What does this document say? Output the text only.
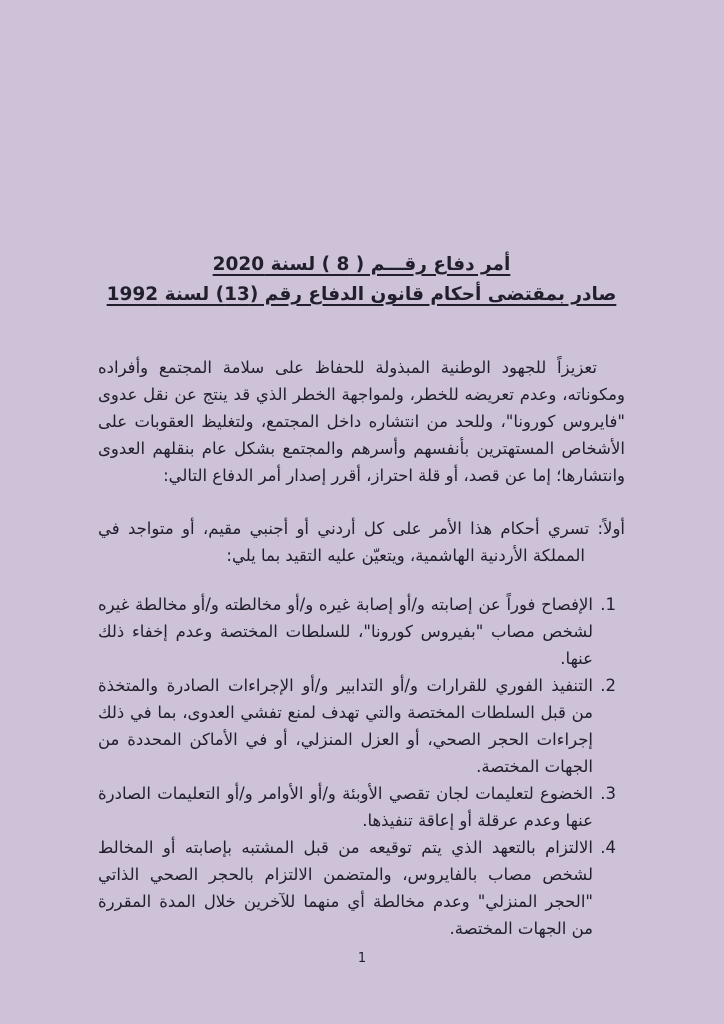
أمر دفاع رقـــم ( 8 ) لسنة 2020
صادر بمقتضى أحكام قانون الدفاع رقم (13) لسنة 1992

تعزيزاً للجهود الوطنية المبذولة للحفاظ على سلامة المجتمع وأفراده ومكوناته، وعدم تعريضه للخطر، ولمواجهة الخطر الذي قد ينتج عن نقل عدوى "فايروس كورونا"، وللحد من انتشاره داخل المجتمع، ولتغليظ العقوبات على الأشخاص المستهترين بأنفسهم وأسرهم والمجتمع بشكل عام بنقلهم العدوى وانتشارها؛ إما عن قصد، أو قلة احتراز، أقرر إصدار أمر الدفاع التالي:

أولاً: تسري أحكام هذا الأمر على كل أردني أو أجنبي مقيم، أو متواجد في المملكة الأردنية الهاشمية، ويتعيّن عليه التقيد بما يلي:

1. الإفصاح فوراً عن إصابته و/أو إصابة غيره و/أو مخالطته و/أو مخالطة غيره لشخص مصاب "بفيروس كورونا"، للسلطات المختصة وعدم إخفاء ذلك عنها.
2. التنفيذ الفوري للقرارات و/أو التدابير و/أو الإجراءات الصادرة والمتخذة من قبل السلطات المختصة والتي تهدف لمنع تفشي العدوى، بما في ذلك إجراءات الحجر الصحي، أو العزل المنزلي، أو في الأماكن المحددة من الجهات المختصة.
3. الخضوع لتعليمات لجان تقصي الأوبئة و/أو الأوامر و/أو التعليمات الصادرة عنها وعدم عرقلة أو إعاقة تنفيذها.
4. الالتزام بالتعهد الذي يتم توقيعه من قبل المشتبه بإصابته أو المخالط لشخص مصاب بالفايروس، والمتضمن الالتزام بالحجر الصحي الذاتي "الحجر المنزلي" وعدم مخالطة أي منهما للآخرين خلال المدة المقررة من الجهات المختصة.
1
